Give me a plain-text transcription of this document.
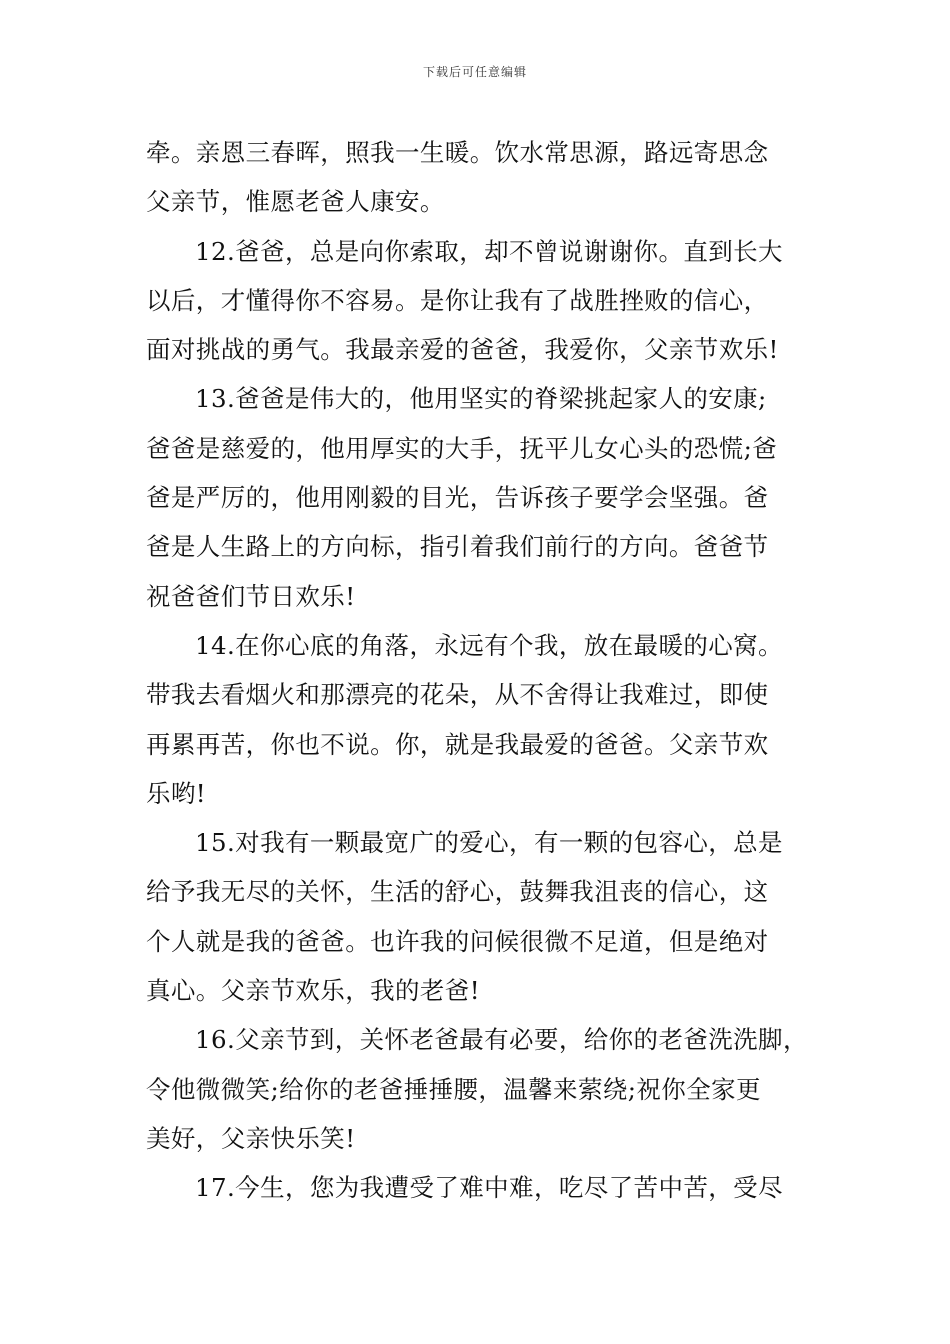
下载后可任意编辑
牵。亲恩三春晖，照我一生暖。饮水常思源，路远寄思念
父亲节，惟愿老爸人康安。
12.爸爸，总是向你索取，却不曾说谢谢你。直到长大
以后，才懂得你不容易。是你让我有了战胜挫败的信心，
面对挑战的勇气。我最亲爱的爸爸，我爱你，父亲节欢乐!
13.爸爸是伟大的，他用坚实的脊梁挑起家人的安康;
爸爸是慈爱的，他用厚实的大手，抚平儿女心头的恐慌;爸
爸是严厉的，他用刚毅的目光，告诉孩子要学会坚强。爸
爸是人生路上的方向标，指引着我们前行的方向。爸爸节
祝爸爸们节日欢乐!
14.在你心底的角落，永远有个我，放在最暖的心窝。
带我去看烟火和那漂亮的花朵，从不舍得让我难过，即使
再累再苦，你也不说。你，就是我最爱的爸爸。父亲节欢
乐哟!
15.对我有一颗最宽广的爱心，有一颗的包容心，总是
给予我无尽的关怀，生活的舒心，鼓舞我沮丧的信心，这
个人就是我的爸爸。也许我的问候很微不足道，但是绝对
真心。父亲节欢乐，我的老爸!
16.父亲节到，关怀老爸最有必要，给你的老爸洗洗脚，
令他微微笑;给你的老爸捶捶腰，温馨来萦绕;祝你全家更
美好，父亲快乐笑!
17.今生，您为我遭受了难中难，吃尽了苦中苦，受尽
